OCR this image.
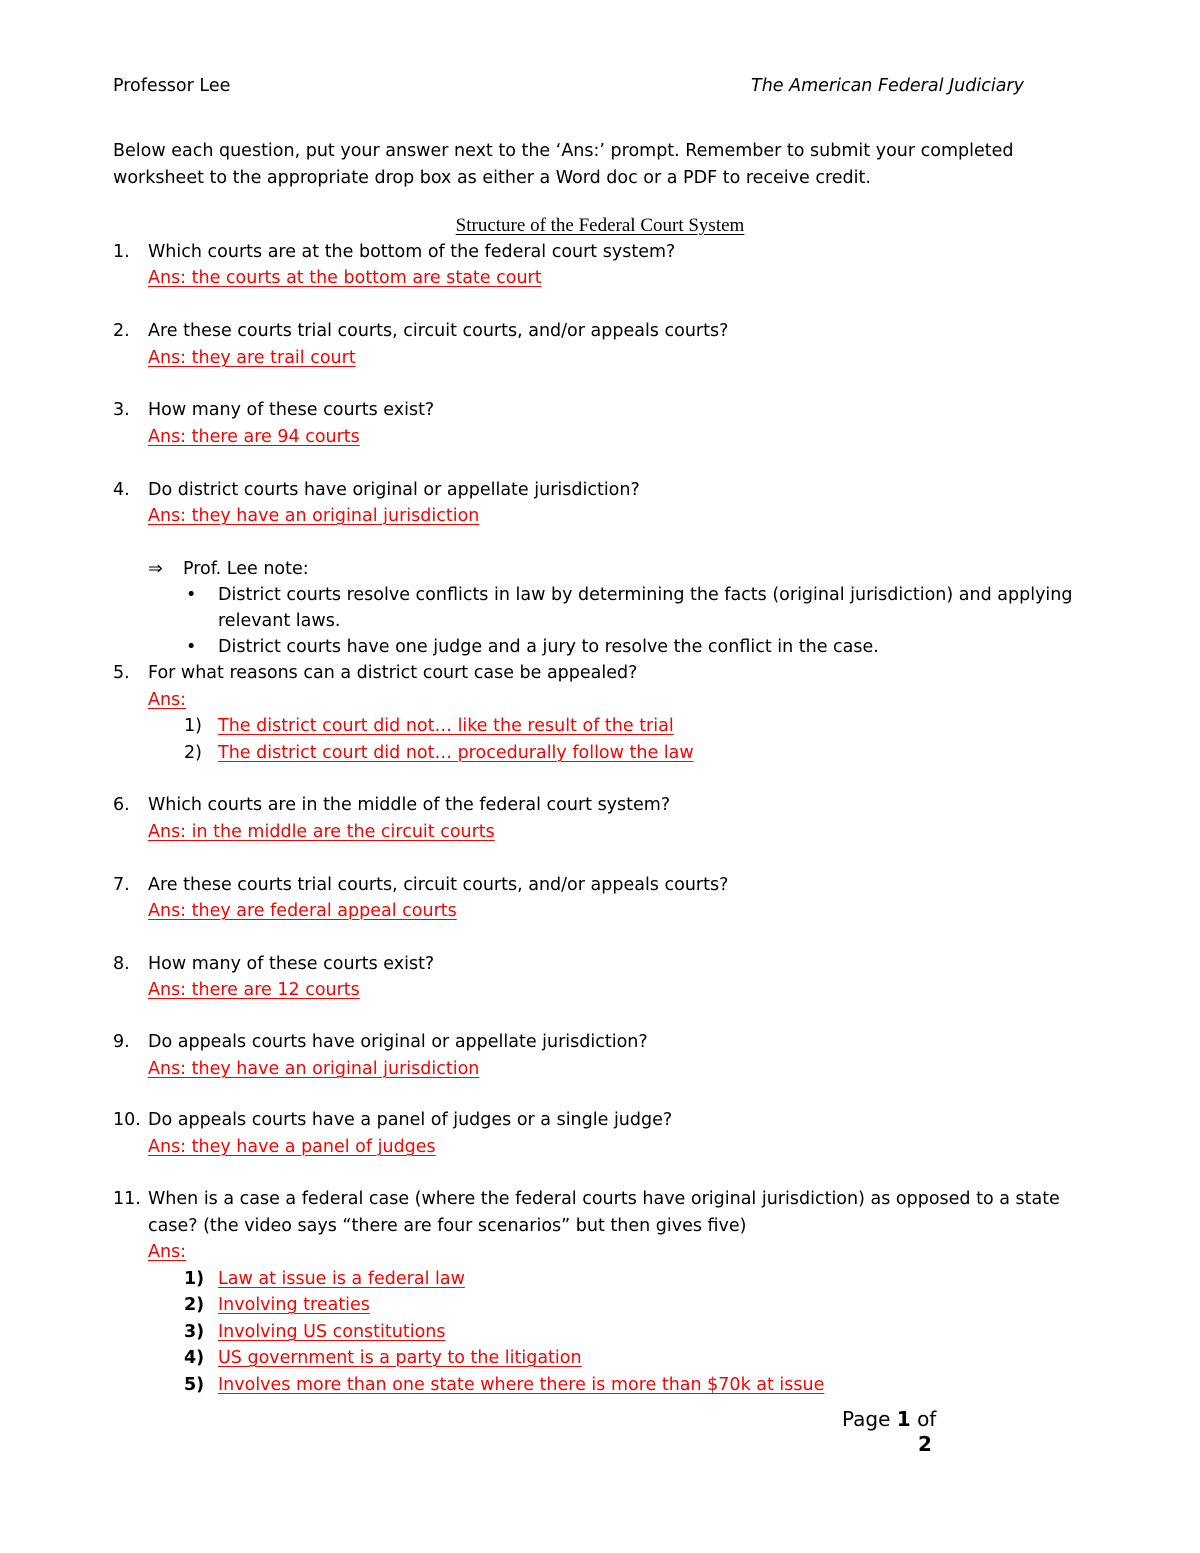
Professor Lee	The American Federal Judiciary
Below each question, put your answer next to the ‘Ans:’ prompt. Remember to submit your completed
worksheet to the appropriate drop box as either a Word doc or a PDF to receive credit.
Structure of the Federal Court System
1. Which courts are at the bottom of the federal court system?
Ans: the courts at the bottom are state court
2. Are these courts trial courts, circuit courts, and/or appeals courts?
Ans: they are trail court
3. How many of these courts exist?
Ans: there are 94 courts
4. Do district courts have original or appellate jurisdiction?
Ans: they have an original jurisdiction
⇒ Prof. Lee note:
• District courts resolve conflicts in law by determining the facts (original jurisdiction) and applying
relevant laws.
• District courts have one judge and a jury to resolve the conflict in the case.
5. For what reasons can a district court case be appealed?
Ans:
1) The district court did not… like the result of the trial
2) The district court did not… procedurally follow the law
6. Which courts are in the middle of the federal court system?
Ans: in the middle are the circuit courts
7. Are these courts trial courts, circuit courts, and/or appeals courts?
Ans: they are federal appeal courts
8. How many of these courts exist?
Ans: there are 12 courts
9. Do appeals courts have original or appellate jurisdiction?
Ans: they have an original jurisdiction
10. Do appeals courts have a panel of judges or a single judge?
Ans: they have a panel of judges
11. When is a case a federal case (where the federal courts have original jurisdiction) as opposed to a state
case? (the video says “there are four scenarios” but then gives five)
Ans:
1) Law at issue is a federal law
2) Involving treaties
3) Involving US constitutions
4) US government is a party to the litigation
5) Involves more than one state where there is more than $70k at issue
Page 1 of
2
